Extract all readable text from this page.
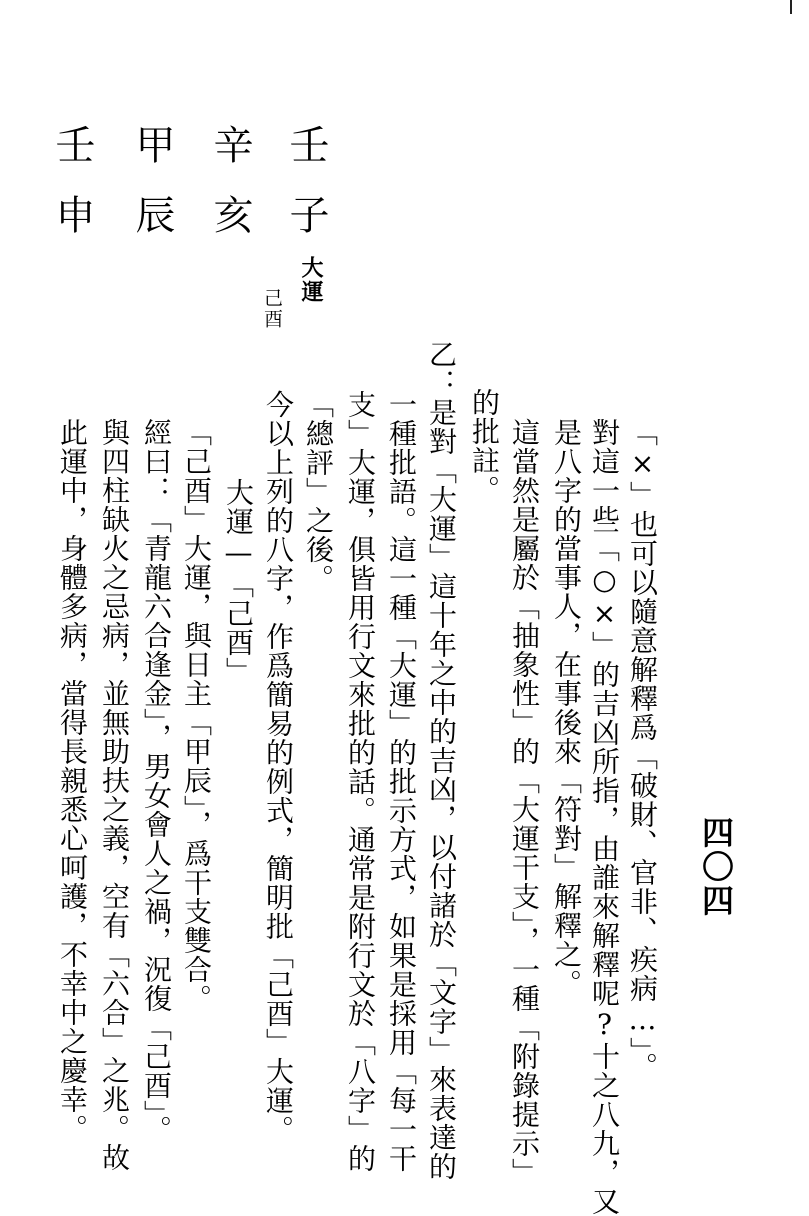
四〇四
「×」也可以隨意解釋爲「破財、官非、疾病…」。
對這一些「○×」的吉凶所指，由誰來解釋呢?十之八九，又
是八字的當事人，在事後來「符對」解釋之。
這當然是屬於「抽象性」的「大運干支」，一種「附錄提示」
的批註。
乙：是對「大運」這十年之中的吉凶，以付諸於「文字」來表達的
一種批語。這一種「大運」的批示方式，如果是採用「每一干
支」大運，俱皆用行文來批的話。通常是附行文於「八字」的
「總評」之後。
今以上列的八字，作爲簡易的例式，簡明批「己酉」大運。
大運—「己酉」
「己酉」大運，與日主「甲辰」，爲干支雙合。
經曰：「青龍六合逢金」，男女會人之禍，況復「己酉」。
與四柱缺火之忌病，並無助扶之義，空有「六合」之兆。故
此運中，身體多病，當得長親悉心呵護，不幸中之慶幸。
壬子
辛亥
甲辰
壬申
大運
己酉
